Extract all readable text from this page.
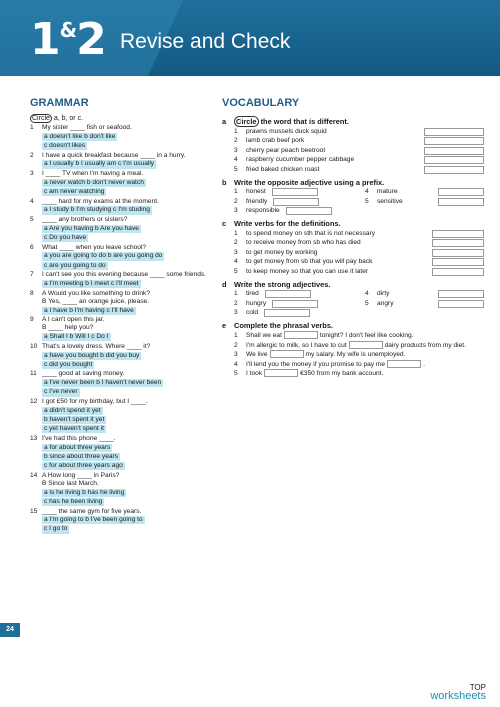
1&2 Revise and Check
GRAMMAR	VOCABULARY
Circle a, b, or c.
1 My sister ____ fish or seafood.
a doesn't like b don't like
c doesn't likes

2 I have a quick breakfast because ____ in a hurry.
a I usually b I usually am c I'm usually

3 I ____ TV when I'm having a meal.
a never watch b don't never watch
c am never watching

4 ____ hard for my exams at the moment.
a I study b I'm studying c I'm studing

5 ____ any brothers or sisters?
a Are you having b Are you have
c Do you have

6 What ____ when you leave school?
a you are going to do b are you going do
c are you going to do

7 I can't see you this evening because ____ some friends.
a I'm meeting b I meet c I'll meet

8 A Would you like something to drink?
B Yes, ____ an orange juice, please.
a I have b I'm having c I'll have

9 A I can't open this jar.
B ____ help you?
a Shall I b Will I c Do I

10 That's a lovely dress. Where ____ it?
a have you bought b did you buy
c did you bought

11 ____ good at saving money.
a I've never been b I haven't never been
c I've never

12 I got £50 for my birthday, but I ____.
a didn't spend it yet
b haven't spent it yet
c yet haven't spent it

13 I've had this phone ____.
a for about three years
b since about three years
c for about three years ago

14 A How long ____ in Paris?
B Since last March.
a is he living b has he living
c has he been living

15 ____ the same gym for five years.
a I'm going to b I've been going to
c I go to

a Circle the word that is different.
1	prawns mussels duck squid
2	lamb crab beef pork
3	cherry pear peach beetroot
4	raspberry cucumber pepper cabbage
5	fried baked chicken roast
b Write the opposite adjective using a prefix.
1	honest
2	friendly
3	responsible
4	mature
5	sensitive
c Write verbs for the definitions.
1	to spend money on sth that is not necessary
2	to receive money from sb who has died
3	to get money by working
4	to get money from sb that you will pay back
5	to keep money so that you can use it later
d Write the strong adjectives.
1	tired
2	hungry
3	cold
4	dirty
5	angry
e Complete the phrasal verbs.
1 Shall we eat	tonight? I don't feel like cooking.
2 I'm allergic to milk, so I have to cut	dairy products from my diet.
3 We live	my salary. My wife is unemployed.
4 I'll lend you the money if you promise to pay me	.
5 I took	€350 from my bank account.
24
TOP
worksheets
